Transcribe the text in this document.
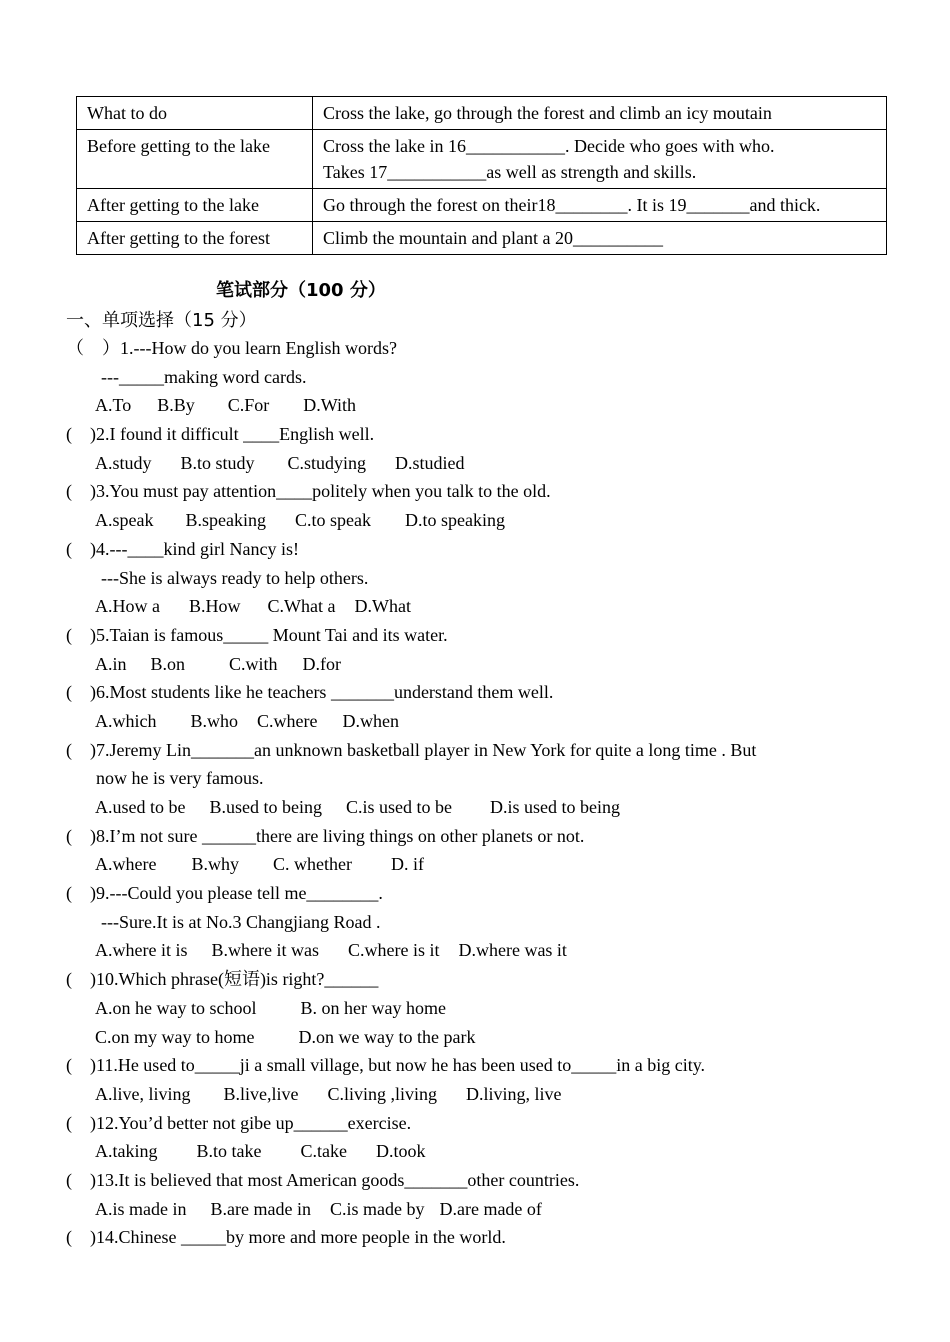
What to do	Cross the lake, go through the forest and climb an icy moutain

Before getting to the lake	Cross the lake in 16___________. Decide who goes with who.
Takes 17___________as well as strength and skills.

After getting to the lake	Go through the forest on their18________. It is 19_______and thick.

After getting to the forest	Climb the mountain and plant a 20__________
笔试部分（100 分）
一、单项选择（15 分）
（    ）1.---How do you learn English words?
---_____making word cards.
A.To B.By C.For D.With
(    )2.I found it difficult ____English well.
A.study B.to study C.studying D.studied
(    )3.You must pay attention____politely when you talk to the old.
A.speak B.speaking C.to speak D.to speaking
(    )4.---____kind girl Nancy is!
---She is always ready to help others.
A.How a B.How C.What a D.What
(    )5.Taian is famous_____ Mount Tai and its water.
A.in B.on C.with D.for
(    )6.Most students like he teachers _______understand them well.
A.which B.who C.where D.when
(    )7.Jeremy Lin_______an unknown basketball player in New York for quite a long time . But
now he is very famous.
A.used to be B.used to being C.is used to be D.is used to being
(    )8.I’m not sure ______there are living things on other planets or not.
A.where B.why C. whether D. if
(    )9.---Could you please tell me________.
---Sure.It is at No.3 Changjiang Road .
A.where it is B.where it was C.where is it D.where was it
(    )10.Which phrase(短语)is right?______
A.on he way to school B. on her way home
C.on my way to home D.on we way to the park
(    )11.He used to_____ji a small village, but now he has been used to_____in a big city.
A.live, living B.live,live C.living ,living D.living, live
(    )12.You’d better not gibe up______exercise.
A.taking B.to take C.take D.took
(    )13.It is believed that most American goods_______other countries.
A.is made in B.are made in C.is made by D.are made of
(    )14.Chinese _____by more and more people in the world.
